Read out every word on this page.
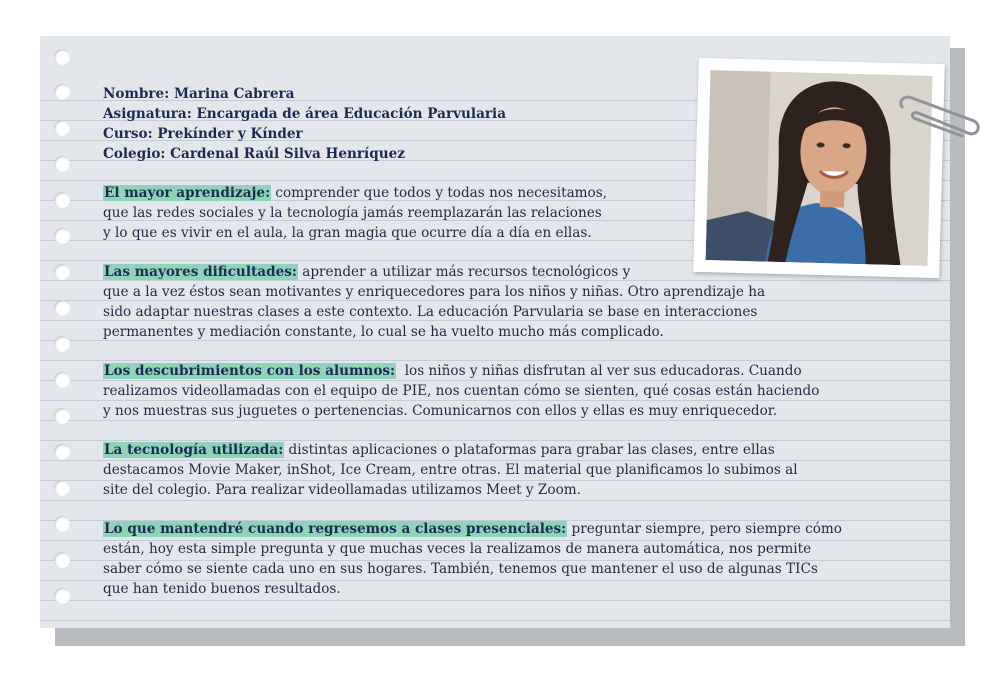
Nombre: Marina Cabrera
Asignatura: Encargada de área Educación Parvularia
Curso: Prekínder y Kínder
Colegio: Cardenal Raúl Silva Henríquez
El mayor aprendizaje: comprender que todos y todas nos necesitamos,
que las redes sociales y la tecnología jamás reemplazarán las relaciones
y lo que es vivir en el aula, la gran magia que ocurre día a día en ellas.
Las mayores dificultades: aprender a utilizar más recursos tecnológicos y
que a la vez éstos sean motivantes y enriquecedores para los niños y niñas. Otro aprendizaje ha
sido adaptar nuestras clases a este contexto. La educación Parvularia se base en interacciones
permanentes y mediación constante, lo cual se ha vuelto mucho más complicado.
Los descubrimientos con los alumnos:  los niños y niñas disfrutan al ver sus educadoras. Cuando
realizamos videollamadas con el equipo de PIE, nos cuentan cómo se sienten, qué cosas están haciendo
y nos muestras sus juguetes o pertenencias. Comunicarnos con ellos y ellas es muy enriquecedor.
La tecnología utilizada: distintas aplicaciones o plataformas para grabar las clases, entre ellas
destacamos Movie Maker, inShot, Ice Cream, entre otras. El material que planificamos lo subimos al
site del colegio. Para realizar videollamadas utilizamos Meet y Zoom.
Lo que mantendré cuando regresemos a clases presenciales: preguntar siempre, pero siempre cómo
están, hoy esta simple pregunta y que muchas veces la realizamos de manera automática, nos permite
saber cómo se siente cada uno en sus hogares. También, tenemos que mantener el uso de algunas TICs
que han tenido buenos resultados.
